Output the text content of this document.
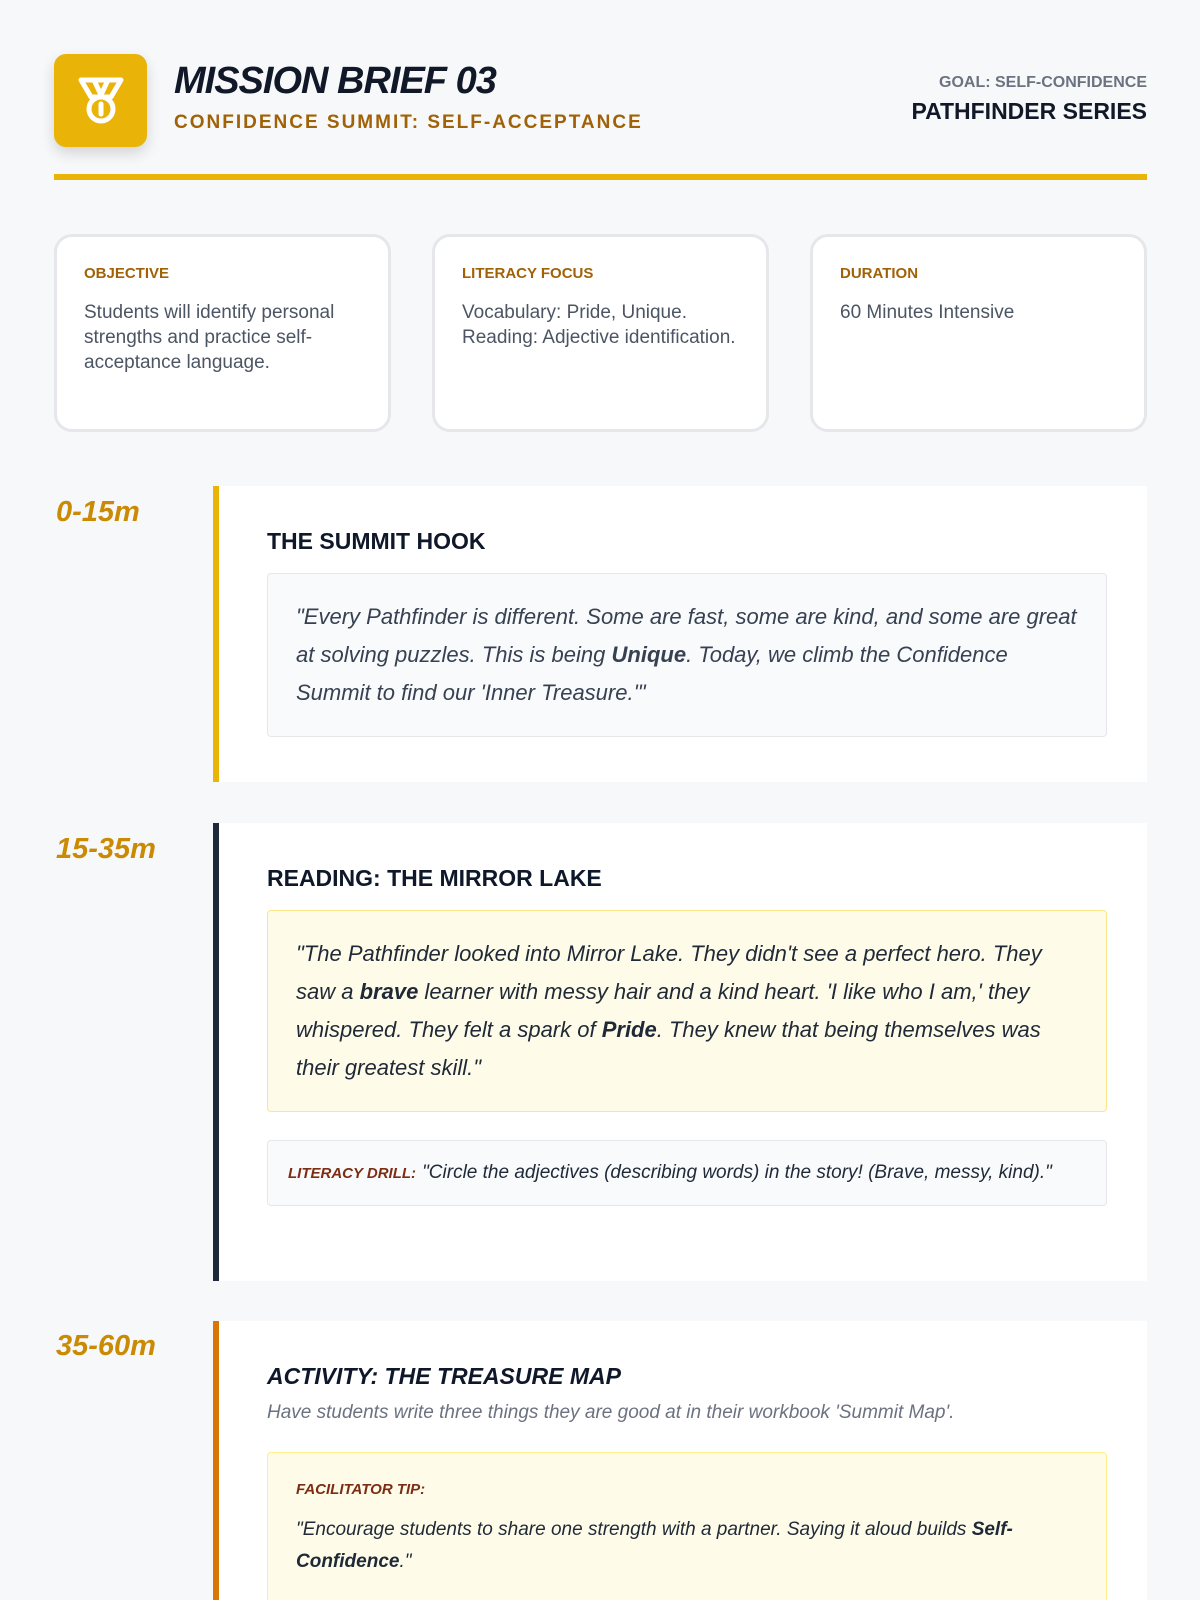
MISSION BRIEF 03
CONFIDENCE SUMMIT: SELF-ACCEPTANCE
GOAL: SELF-CONFIDENCE
PATHFINDER SERIES
OBJECTIVE
Students will identify personal strengths and practice self-acceptance language.
LITERACY FOCUS
Vocabulary: Pride, Unique. Reading: Adjective identification.
DURATION
60 Minutes Intensive
0-15m
THE SUMMIT HOOK
"Every Pathfinder is different. Some are fast, some are kind, and some are great at solving puzzles. This is being Unique. Today, we climb the Confidence Summit to find our 'Inner Treasure.'"
15-35m
READING: THE MIRROR LAKE
"The Pathfinder looked into Mirror Lake. They didn't see a perfect hero. They saw a brave learner with messy hair and a kind heart. 'I like who I am,' they whispered. They felt a spark of Pride. They knew that being themselves was their greatest skill."
LITERACY DRILL: "Circle the adjectives (describing words) in the story! (Brave, messy, kind)."
35-60m
ACTIVITY: THE TREASURE MAP
Have students write three things they are good at in their workbook 'Summit Map'.
FACILITATOR TIP:
"Encourage students to share one strength with a partner. Saying it aloud builds Self-Confidence."
